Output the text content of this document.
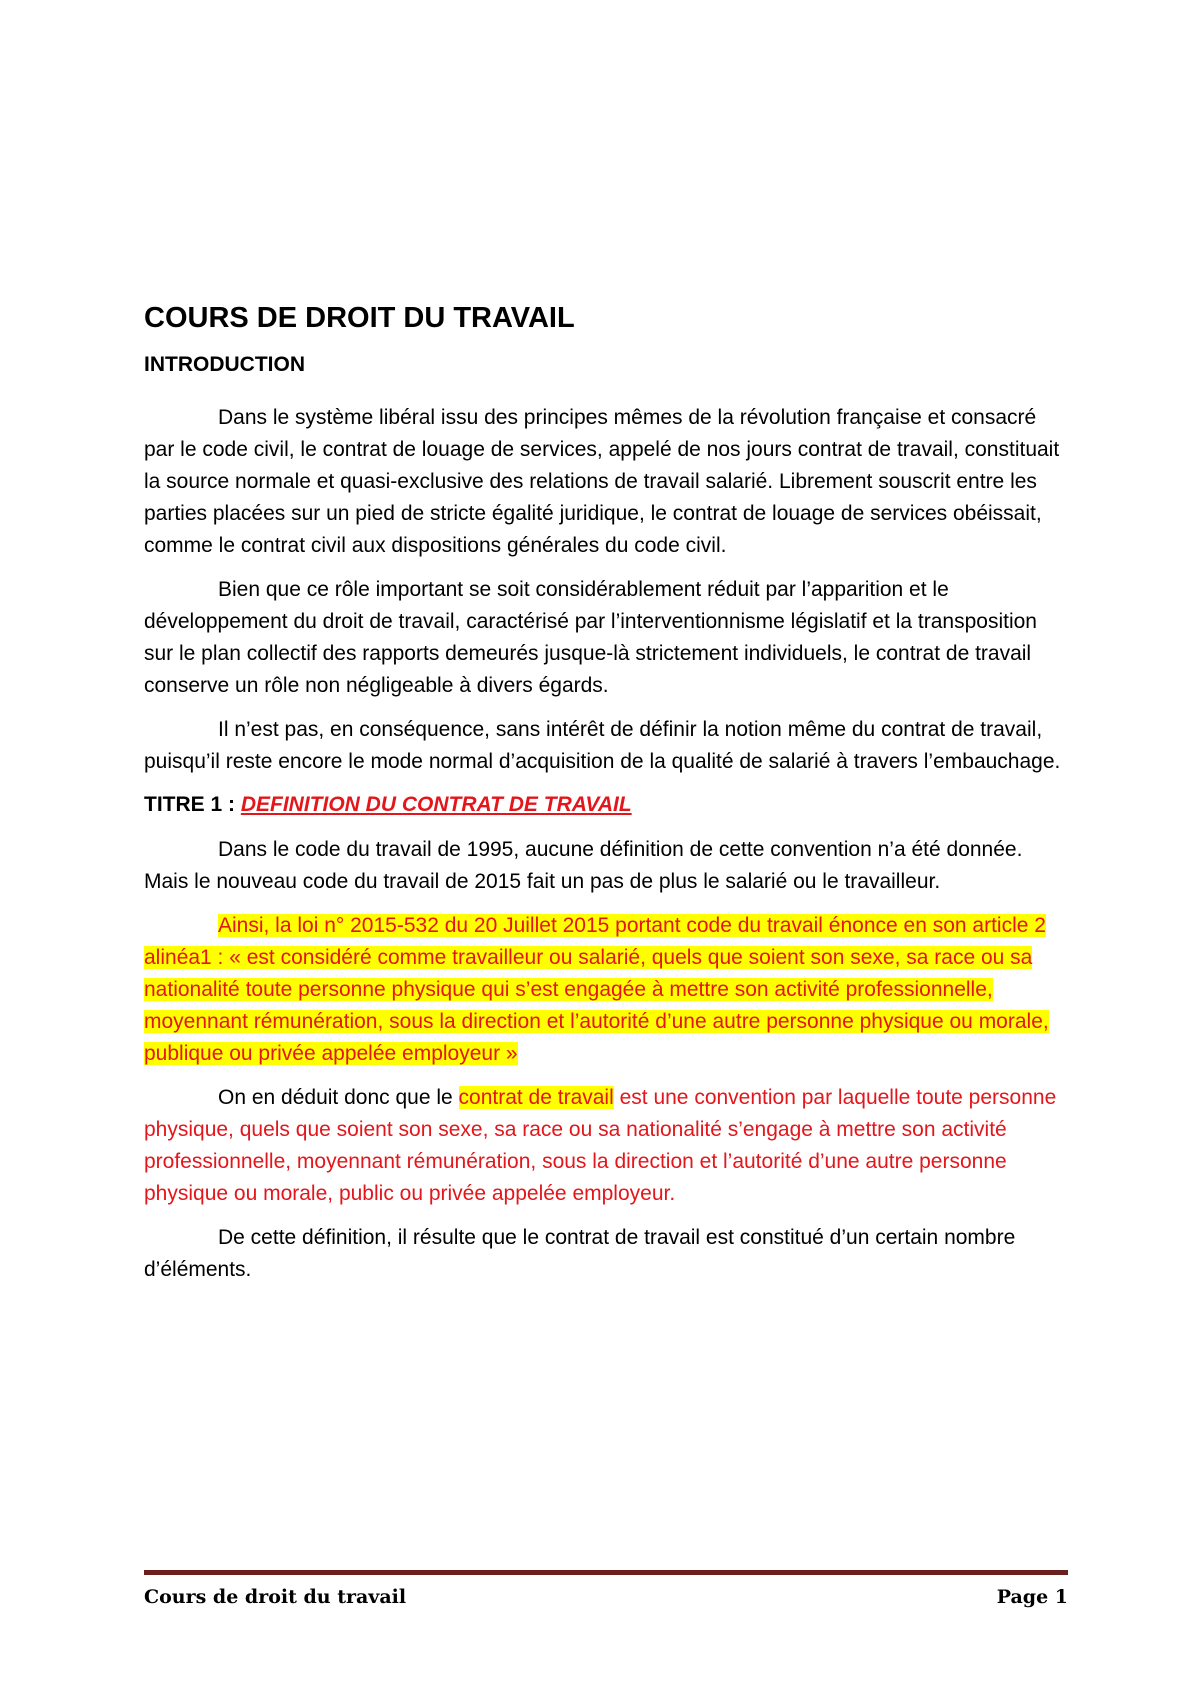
COURS DE DROIT DU TRAVAIL
INTRODUCTION

Dans le système libéral issu des principes mêmes de la révolution française et consacré par le code civil, le contrat de louage de services, appelé de nos jours contrat de travail, constituait la source normale et quasi-exclusive des relations de travail salarié. Librement souscrit entre les parties placées sur un pied de stricte égalité juridique, le contrat de louage de services obéissait, comme le contrat civil aux dispositions générales du code civil.

Bien que ce rôle important se soit considérablement réduit par l’apparition et le développement du droit de travail, caractérisé par l’interventionnisme législatif et la transposition sur le plan collectif des rapports demeurés jusque-là strictement individuels, le contrat de travail conserve un rôle non négligeable à divers égards.

Il n’est pas, en conséquence, sans intérêt de définir la notion même du contrat de travail, puisqu’il reste encore le mode normal d’acquisition de la qualité de salarié à travers l’embauchage.

TITRE 1 : DEFINITION DU CONTRAT DE TRAVAIL

Dans le code du travail de 1995, aucune définition de cette convention n’a été donnée. Mais le nouveau code du travail de 2015 fait un pas de plus le salarié ou le travailleur.

Ainsi, la loi n° 2015-532 du 20 Juillet 2015 portant code du travail énonce en son article 2 alinéa1 : « est considéré comme travailleur ou salarié, quels que soient son sexe, sa race ou sa nationalité toute personne physique qui s’est engagée à mettre son activité professionnelle, moyennant rémunération, sous la direction et l’autorité d’une autre personne physique ou morale, publique ou privée appelée employeur »

On en déduit donc que le contrat de travail est une convention par laquelle toute personne physique, quels que soient son sexe, sa race ou sa nationalité s’engage à mettre son activité professionnelle, moyennant rémunération, sous la direction et l’autorité d’une autre personne physique ou morale, public ou privée appelée employeur.

De cette définition, il résulte que le contrat de travail est constitué d’un certain nombre d’éléments.

Cours de droit du travail	Page 1
